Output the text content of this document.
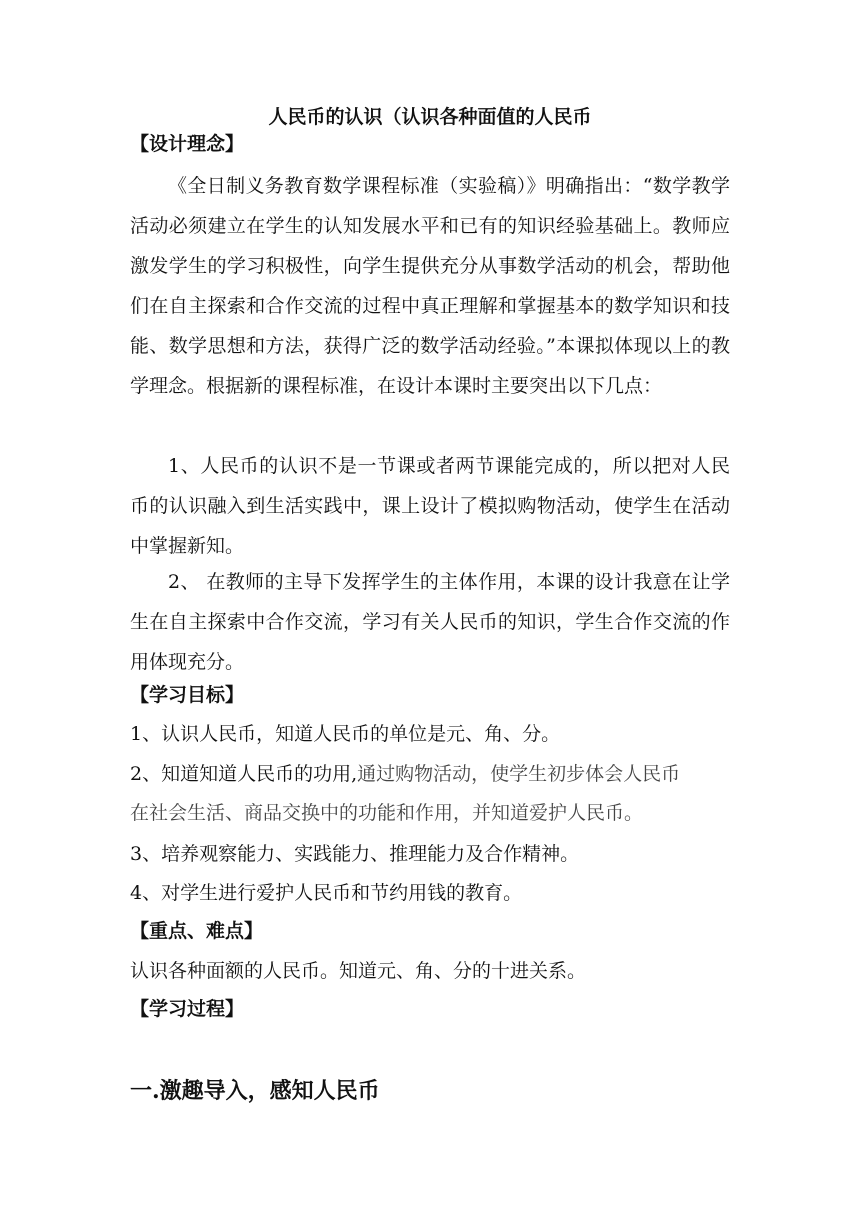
人民币的认识（认识各种面值的人民币
【设计理念】

《全日制义务教育数学课程标准（实验稿）》明确指出：“数学教学活动必须建立在学生的认知发展水平和已有的知识经验基础上。教师应激发学生的学习积极性，向学生提供充分从事数学活动的机会，帮助他们在自主探索和合作交流的过程中真正理解和掌握基本的数学知识和技能、数学思想和方法，获得广泛的数学活动经验。”本课拟体现以上的教学理念。根据新的课程标准，在设计本课时主要突出以下几点：

1、人民币的认识不是一节课或者两节课能完成的，所以把对人民币的认识融入到生活实践中，课上设计了模拟购物活动，使学生在活动中掌握新知。

2、 在教师的主导下发挥学生的主体作用，本课的设计我意在让学生在自主探索中合作交流，学习有关人民币的知识，学生合作交流的作用体现充分。

【学习目标】

1、认识人民币，知道人民币的单位是元、角、分。

2、知道知道人民币的功用,通过购物活动，使学生初步体会人民币

在社会生活、商品交换中的功能和作用，并知道爱护人民币。

3、培养观察能力、实践能力、推理能力及合作精神。

4、对学生进行爱护人民币和节约用钱的教育。

【重点、难点】

认识各种面额的人民币。知道元、角、分的十进关系。

【学习过程】
一.激趣导入，感知人民币
